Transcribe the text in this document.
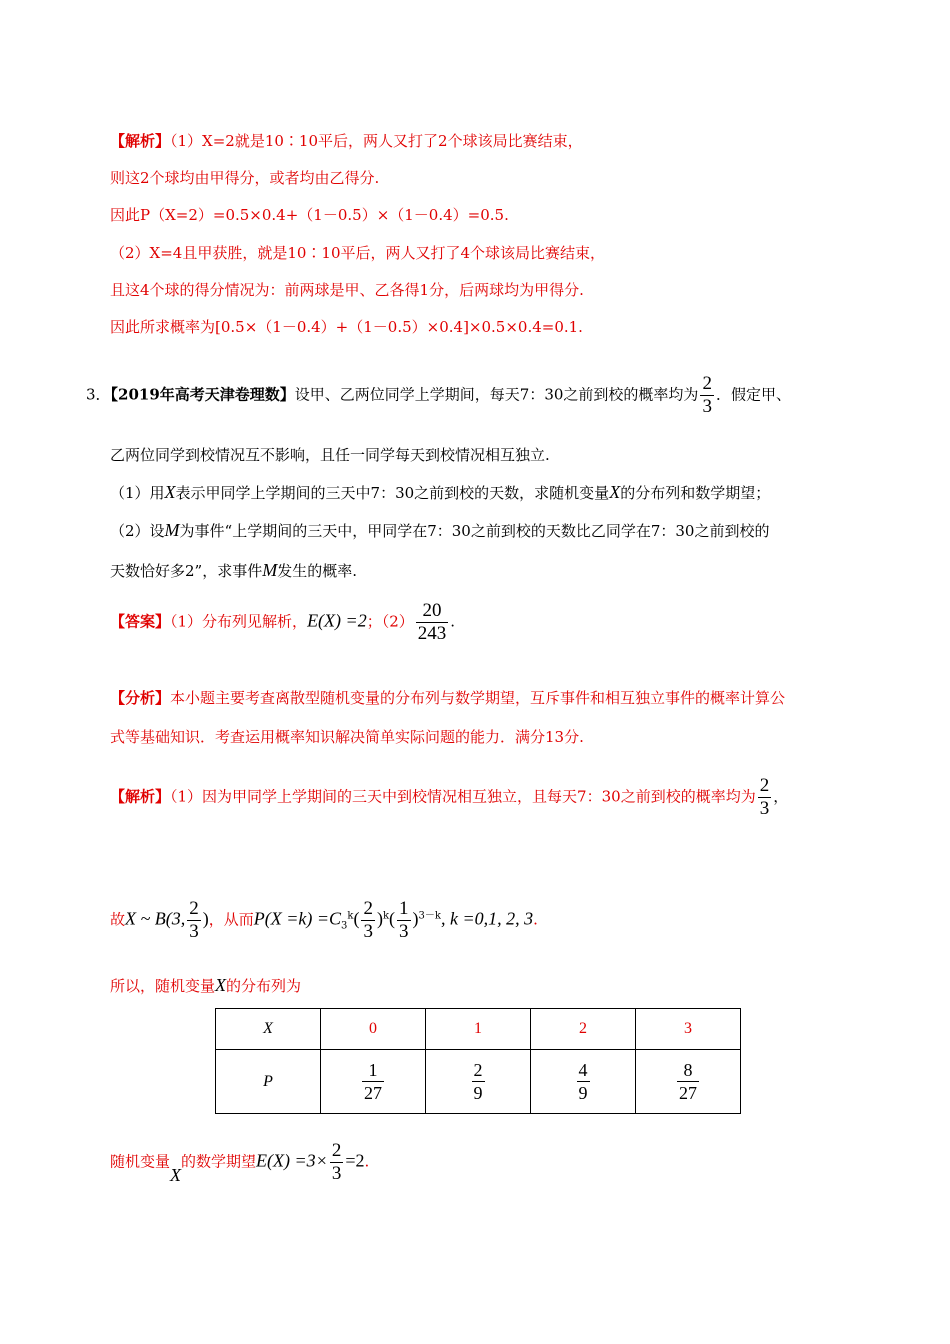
【解析】（1）X=2就是10∶10平后，两人又打了2个球该局比赛结束，
则这2个球均由甲得分，或者均由乙得分.
因此P（X=2）=0.5×0.4+（1－0.5）×（1－0.4）=0.5.
（2）X=4且甲获胜，就是10∶10平后，两人又打了4个球该局比赛结束，
且这4个球的得分情况为：前两球是甲、乙各得1分，后两球均为甲得分.
因此所求概率为[0.5×（1－0.4）+（1－0.5）×0.4]×0.5×0.4=0.1.
3．【2019年高考天津卷理数】设甲、乙两位同学上学期间，每天7：30之前到校的概率均为 $\frac{2}{3}$ ．假定甲、
乙两位同学到校情况互不影响，且任一同学每天到校情况相互独立.
（1）用X表示甲同学上学期间的三天中7：30之前到校的天数，求随机变量X的分布列和数学期望；
（2）设M为事件“上学期间的三天中，甲同学在7：30之前到校的天数比乙同学在7：30之前到校的
天数恰好多2”，求事件M发生的概率.
【答案】（1）分布列见解析，E(X) =2；$(2) \frac{20}{243}$ .
【分析】本小题主要考查离散型随机变量的分布列与数学期望，互斥事件和相互独立事件的概率计算公
式等基础知识．考查运用概率知识解决简单实际问题的能力．满分13分.
【解析】（1）因为甲同学上学期间的三天中到校情况相互独立，且每天7：30之前到校的概率均为 $\frac{2}{3}$ ，
故X ~ B(3, $\frac{2}{3}$ )，从而$P(X =k) =C_3^k( \frac{2}{3} )^k( \frac{1}{3} )^{3-k}$, k =0,1, 2, 3.
所以，随机变量X的分布列为
X	0	1	2	3
P	$\frac{1}{27}$	$\frac{2}{9}$	$\frac{4}{9}$	$\frac{8}{27}$
随机变量X的数学期望$E(X) =3\times \frac{2}{3} =2$.
